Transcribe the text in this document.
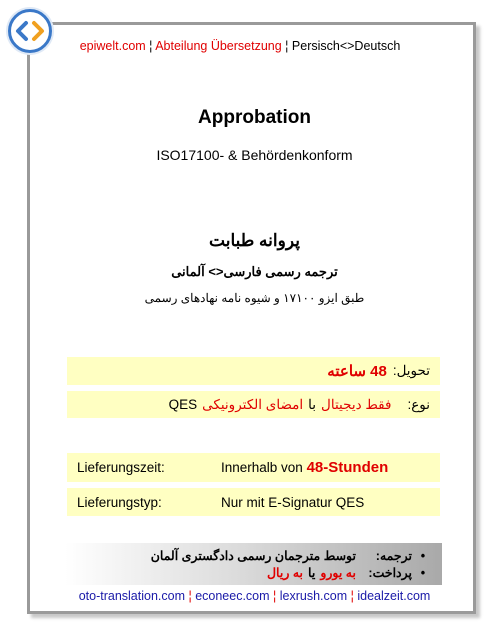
epiwelt.com ¦ Abteilung Übersetzung ¦ Persisch<>Deutsch
Approbation
ISO17100- & Behördenkonform
پروانه طبابت
ترجمه رسمی فارسی<> آلمانی
طبق ایزو ۱۷۱۰۰ و شیوه نامه نهادهای رسمی
تحویل:
48 ساعته
نوع:
فقط دیجیتال
با
امضای الکترونیکی
QES
Lieferungszeit:	Innerhalb von
48-Stunden
Lieferungstyp:	Nur mit E-Signatur QES
•
ترجمه:
توسط مترجمان رسمی دادگستری آلمان
•
پرداخت:
به یورو
یا
به ریال
oto-translation.com ¦ econeec.com ¦ lexrush.com ¦ idealzeit.com
